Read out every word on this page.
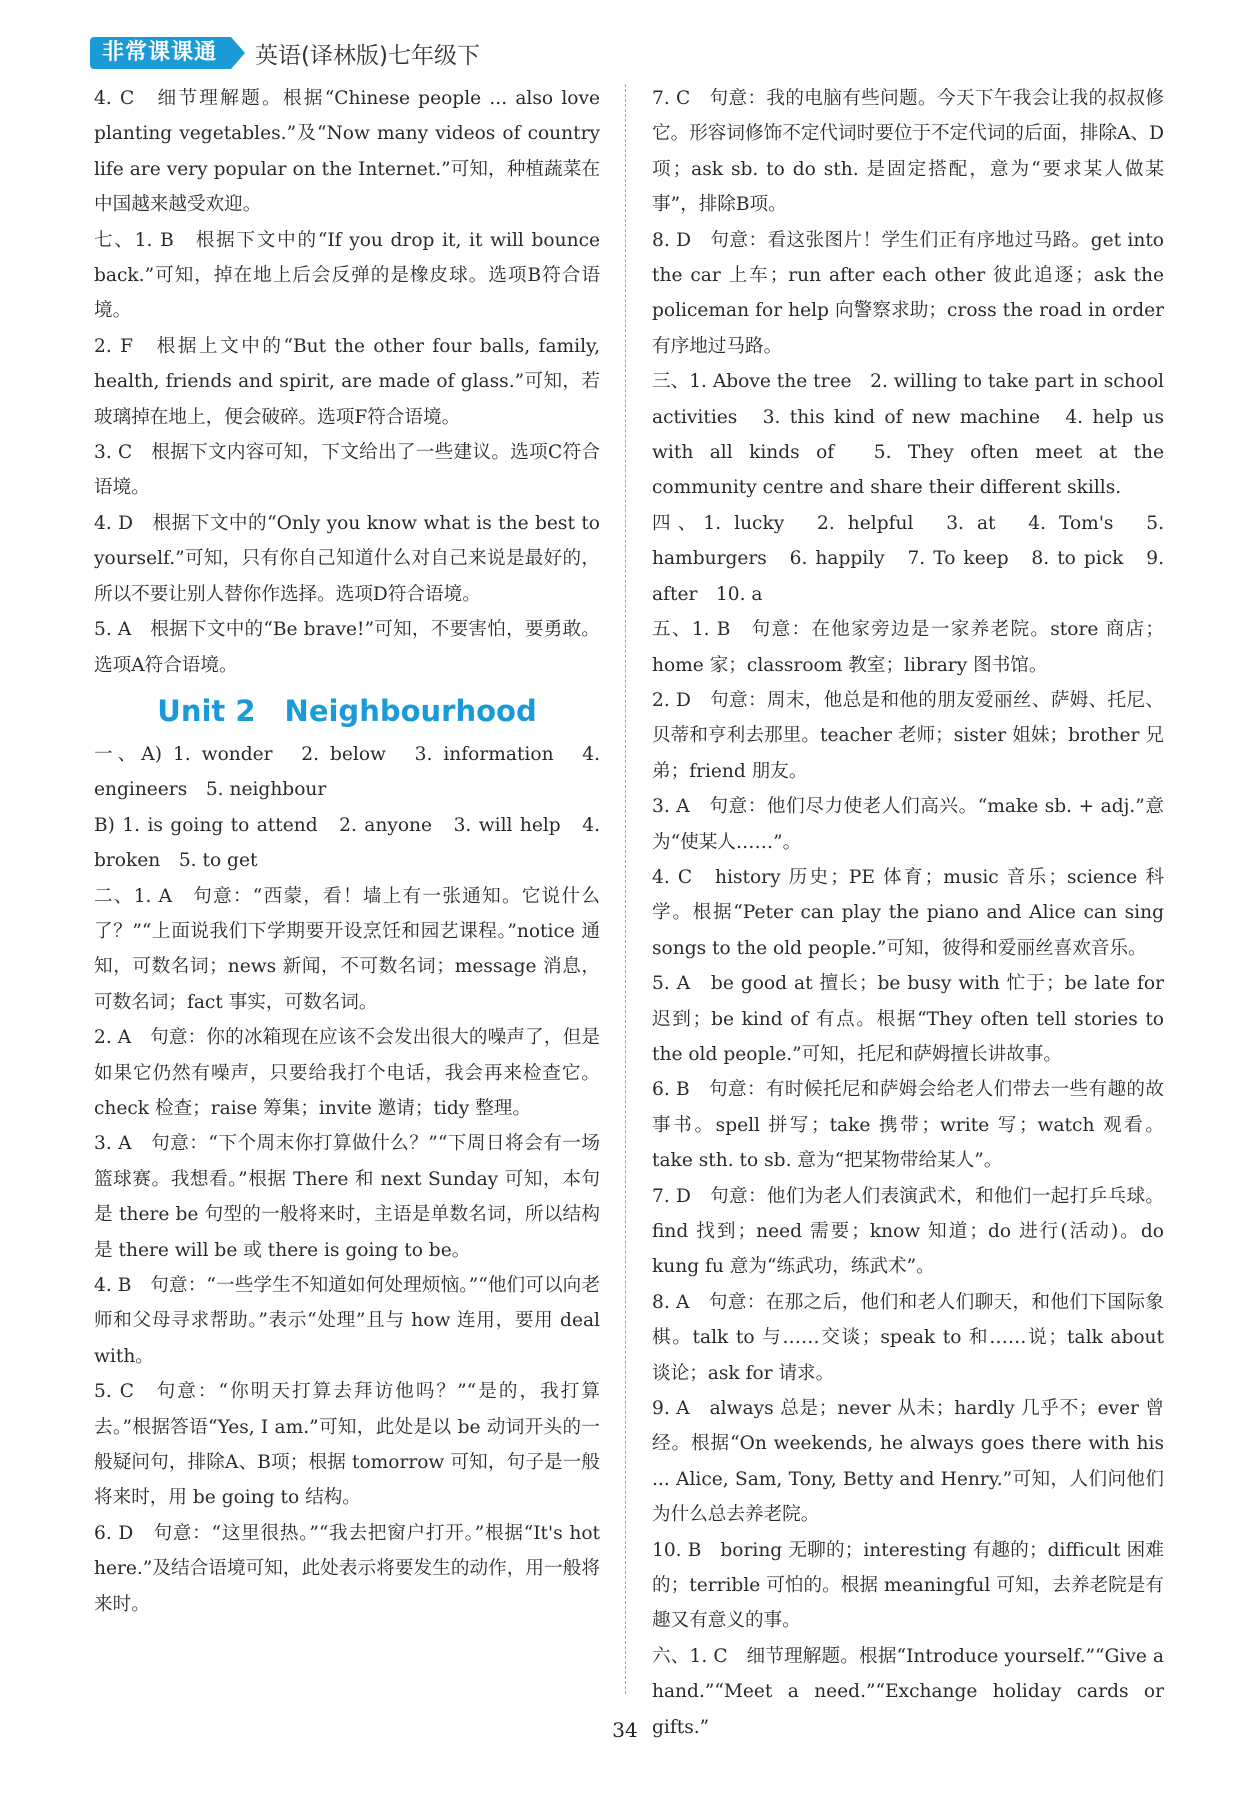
非常课课通	英语(译林版)七年级下

4. C　细节理解题。根据“Chinese people ... also love planting vegetables.”及“Now many videos of country life are very popular on the Internet.”可知，种植蔬菜在中国越来越受欢迎。

七、1. B　根据下文中的“If you drop it, it will bounce back.”可知，掉在地上后会反弹的是橡皮球。选项B符合语境。

2. F　根据上文中的“But the other four balls, family, health, friends and spirit, are made of glass.”可知，若玻璃掉在地上，便会破碎。选项F符合语境。

3. C　根据下文内容可知，下文给出了一些建议。选项C符合语境。

4. D　根据下文中的“Only you know what is the best to yourself.”可知，只有你自己知道什么对自己来说是最好的，所以不要让别人替你作选择。选项D符合语境。

5. A　根据下文中的“Be brave!”可知，不要害怕，要勇敢。选项A符合语境。

Unit 2　Neighbourhood

一、A) 1. wonder　2. below　3. information　4. engineers　5. neighbour

B) 1. is going to attend　2. anyone　3. will help　4. broken　5. to get

二、1. A　句意：“西蒙，看！墙上有一张通知。它说什么了？”“上面说我们下学期要开设烹饪和园艺课程。”notice 通知，可数名词；news 新闻，不可数名词；message 消息，可数名词；fact 事实，可数名词。

2. A　句意：你的冰箱现在应该不会发出很大的噪声了，但是如果它仍然有噪声，只要给我打个电话，我会再来检查它。check 检查；raise 筹集；invite 邀请；tidy 整理。

3. A　句意：“下个周末你打算做什么？”“下周日将会有一场篮球赛。我想看。”根据 There 和 next Sunday 可知，本句是 there be 句型的一般将来时，主语是单数名词，所以结构是 there will be 或 there is going to be。

4. B　句意：“一些学生不知道如何处理烦恼。”“他们可以向老师和父母寻求帮助。”表示“处理”且与 how 连用，要用 deal with。

5. C　句意：“你明天打算去拜访他吗？”“是的，我打算去。”根据答语“Yes, I am.”可知，此处是以 be 动词开头的一般疑问句，排除A、B项；根据 tomorrow 可知，句子是一般将来时，用 be going to 结构。

6. D　句意：“这里很热。”“我去把窗户打开。”根据“It's hot here.”及结合语境可知，此处表示将要发生的动作，用一般将来时。

7. C　句意：我的电脑有些问题。今天下午我会让我的叔叔修它。形容词修饰不定代词时要位于不定代词的后面，排除A、D项；ask sb. to do sth. 是固定搭配，意为“要求某人做某事”，排除B项。

8. D　句意：看这张图片！学生们正有序地过马路。get into the car 上车；run after each other 彼此追逐；ask the policeman for help 向警察求助；cross the road in order 有序地过马路。

三、1. Above the tree　2. willing to take part in school activities　3. this kind of new machine　4. help us with all kinds of　5. They often meet at the community centre and share their different skills.

四、1. lucky　2. helpful　3. at　4. Tom's　5. hamburgers　6. happily　7. To keep　8. to pick　9. after　10. a

五、1. B　句意：在他家旁边是一家养老院。store 商店；home 家；classroom 教室；library 图书馆。

2. D　句意：周末，他总是和他的朋友爱丽丝、萨姆、托尼、贝蒂和亨利去那里。teacher 老师；sister 姐妹；brother 兄弟；friend 朋友。

3. A　句意：他们尽力使老人们高兴。“make sb. + adj.”意为“使某人……”。

4. C　history 历史；PE 体育；music 音乐；science 科学。根据“Peter can play the piano and Alice can sing songs to the old people.”可知，彼得和爱丽丝喜欢音乐。

5. A　be good at 擅长；be busy with 忙于；be late for 迟到；be kind of 有点。根据“They often tell stories to the old people.”可知，托尼和萨姆擅长讲故事。

6. B　句意：有时候托尼和萨姆会给老人们带去一些有趣的故事书。spell 拼写；take 携带；write 写；watch 观看。take sth. to sb. 意为“把某物带给某人”。

7. D　句意：他们为老人们表演武术，和他们一起打乒乓球。find 找到；need 需要；know 知道；do 进行(活动)。do kung fu 意为“练武功，练武术”。

8. A　句意：在那之后，他们和老人们聊天，和他们下国际象棋。talk to 与……交谈；speak to 和……说；talk about 谈论；ask for 请求。

9. A　always 总是；never 从未；hardly 几乎不；ever 曾经。根据“On weekends, he always goes there with his ... Alice, Sam, Tony, Betty and Henry.”可知，人们问他们为什么总去养老院。

10. B　boring 无聊的；interesting 有趣的；difficult 困难的；terrible 可怕的。根据 meaningful 可知，去养老院是有趣又有意义的事。

六、1. C　细节理解题。根据“Introduce yourself.”“Give a hand.”“Meet a need.”“Exchange holiday cards or gifts.”

34
